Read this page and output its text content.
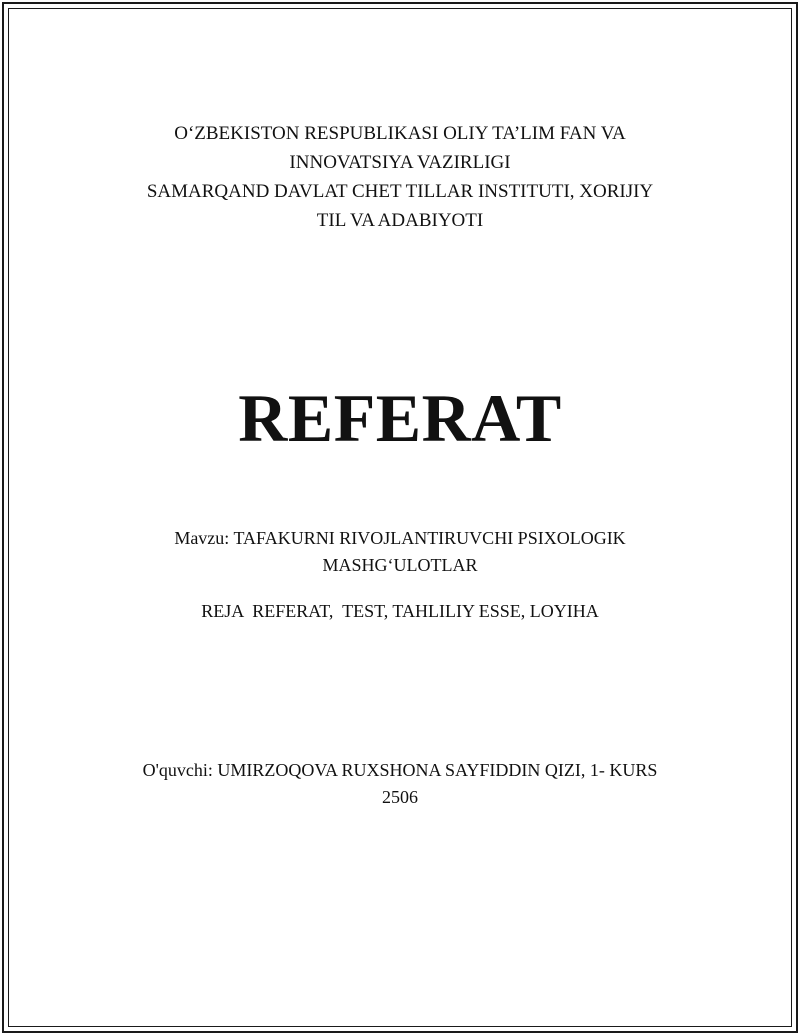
O‘ZBEKISTON RESPUBLIKASI OLIY TA’LIM FAN VA
INNOVATSIYA VAZIRLIGI
SAMARQAND DAVLAT CHET TILLAR INSTITUTI, XORIJIY
TIL VA ADABIYOTI
REFERAT
Mavzu: TAFAKURNI RIVOJLANTIRUVCHI PSIXOLOGIK
MASHG‘ULOTLAR
REJA  REFERAT,  TEST, TAHLILIY ESSE, LOYIHA
O'quvchi: UMIRZOQOVA RUXSHONA SAYFIDDIN QIZI, 1- KURS
2506
